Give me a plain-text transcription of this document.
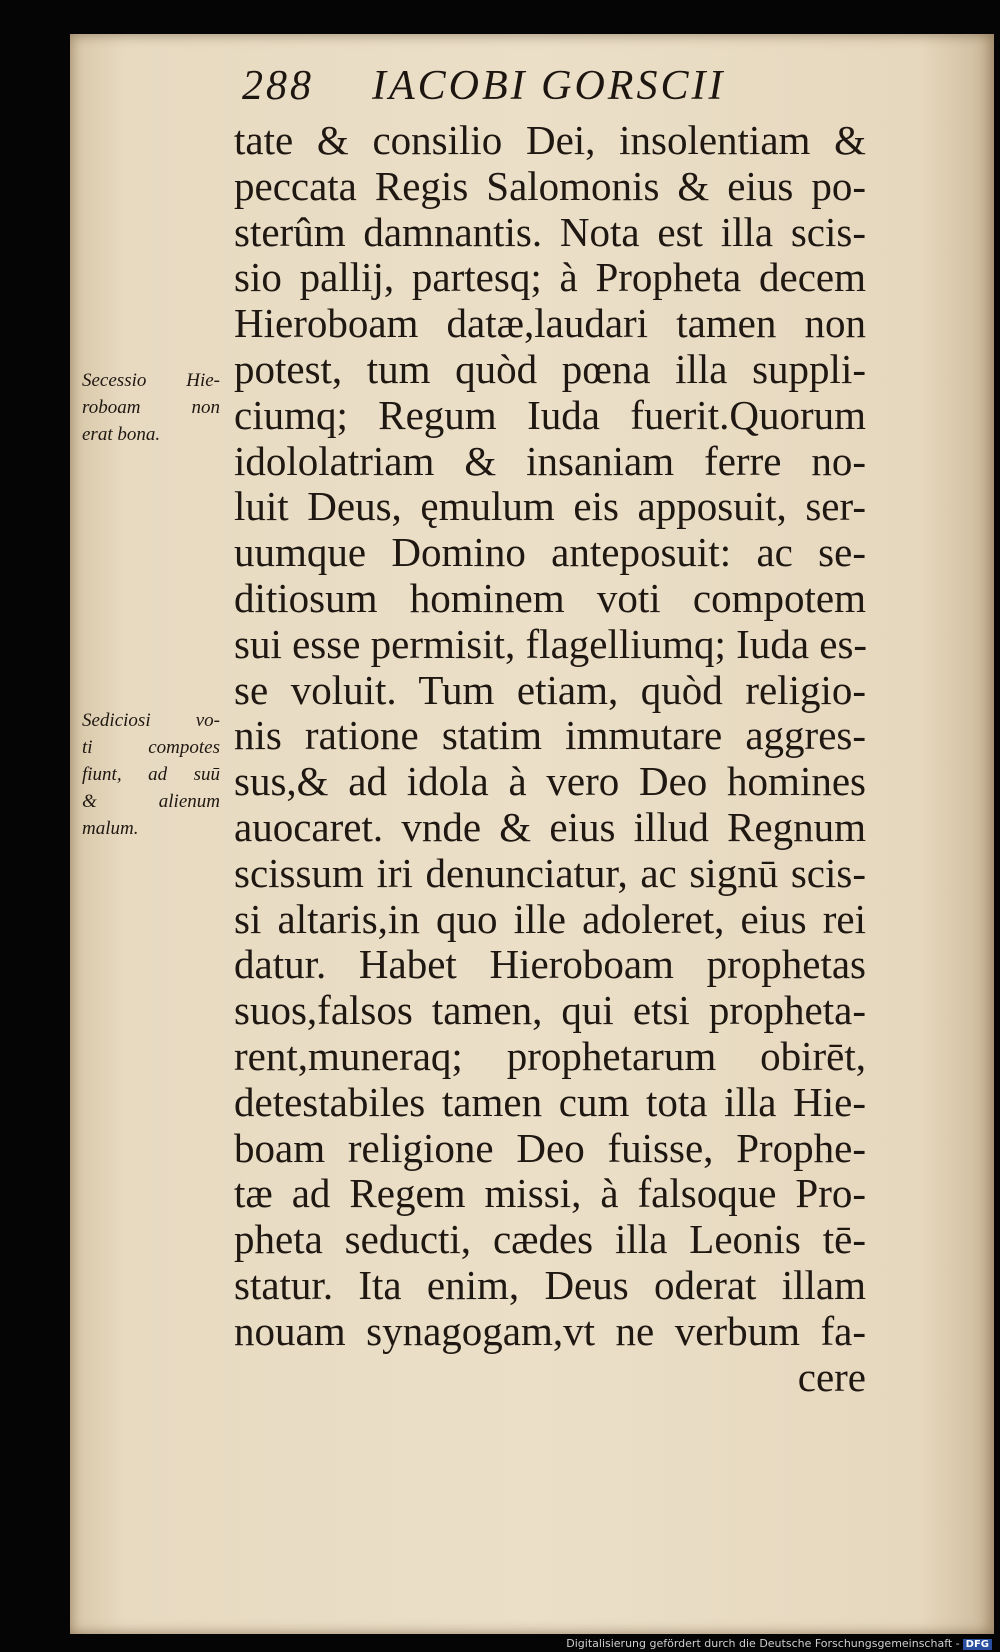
288 IACOBI GORSCII
tate & consilio Dei, insolentiam &
peccata Regis Salomonis & eius po-
sterûm damnantis. Nota est illa scis-
sio pallij, partesq; à Propheta decem
Hieroboam datæ,laudari tamen non
potest, tum quòd pœna illa suppli-
ciumq; Regum Iuda fuerit.Quorum
idololatriam & insaniam ferre no-
luit Deus, ęmulum eis apposuit, ser-
uumque Domino anteposuit: ac se-
ditiosum hominem voti compotem
sui esse permisit, flagelliumq; Iuda es-
se voluit. Tum etiam, quòd religio-
nis ratione statim immutare aggres-
sus,& ad idola à vero Deo homines
auocaret. vnde & eius illud Regnum
scissum iri denunciatur, ac signū scis-
si altaris,in quo ille adoleret, eius rei
datur. Habet Hieroboam prophetas
suos,falsos tamen, qui etsi propheta-
rent,muneraq; prophetarum obirēt,
detestabiles tamen cum tota illa Hie-
boam religione Deo fuisse, Prophe-
tæ ad Regem missi, à falsoque Pro-
pheta seducti, cædes illa Leonis tē-
statur. Ita enim, Deus oderat illam
nouam synagogam,vt ne verbum fa-
cere
Secessio Hie-
roboam non
erat bona.
Sediciosi vo-
ti compotes
fiunt, ad suū
& alienum
malum.
Digitalisierung gefördert durch die Deutsche Forschungsgemeinschaft - DFG
